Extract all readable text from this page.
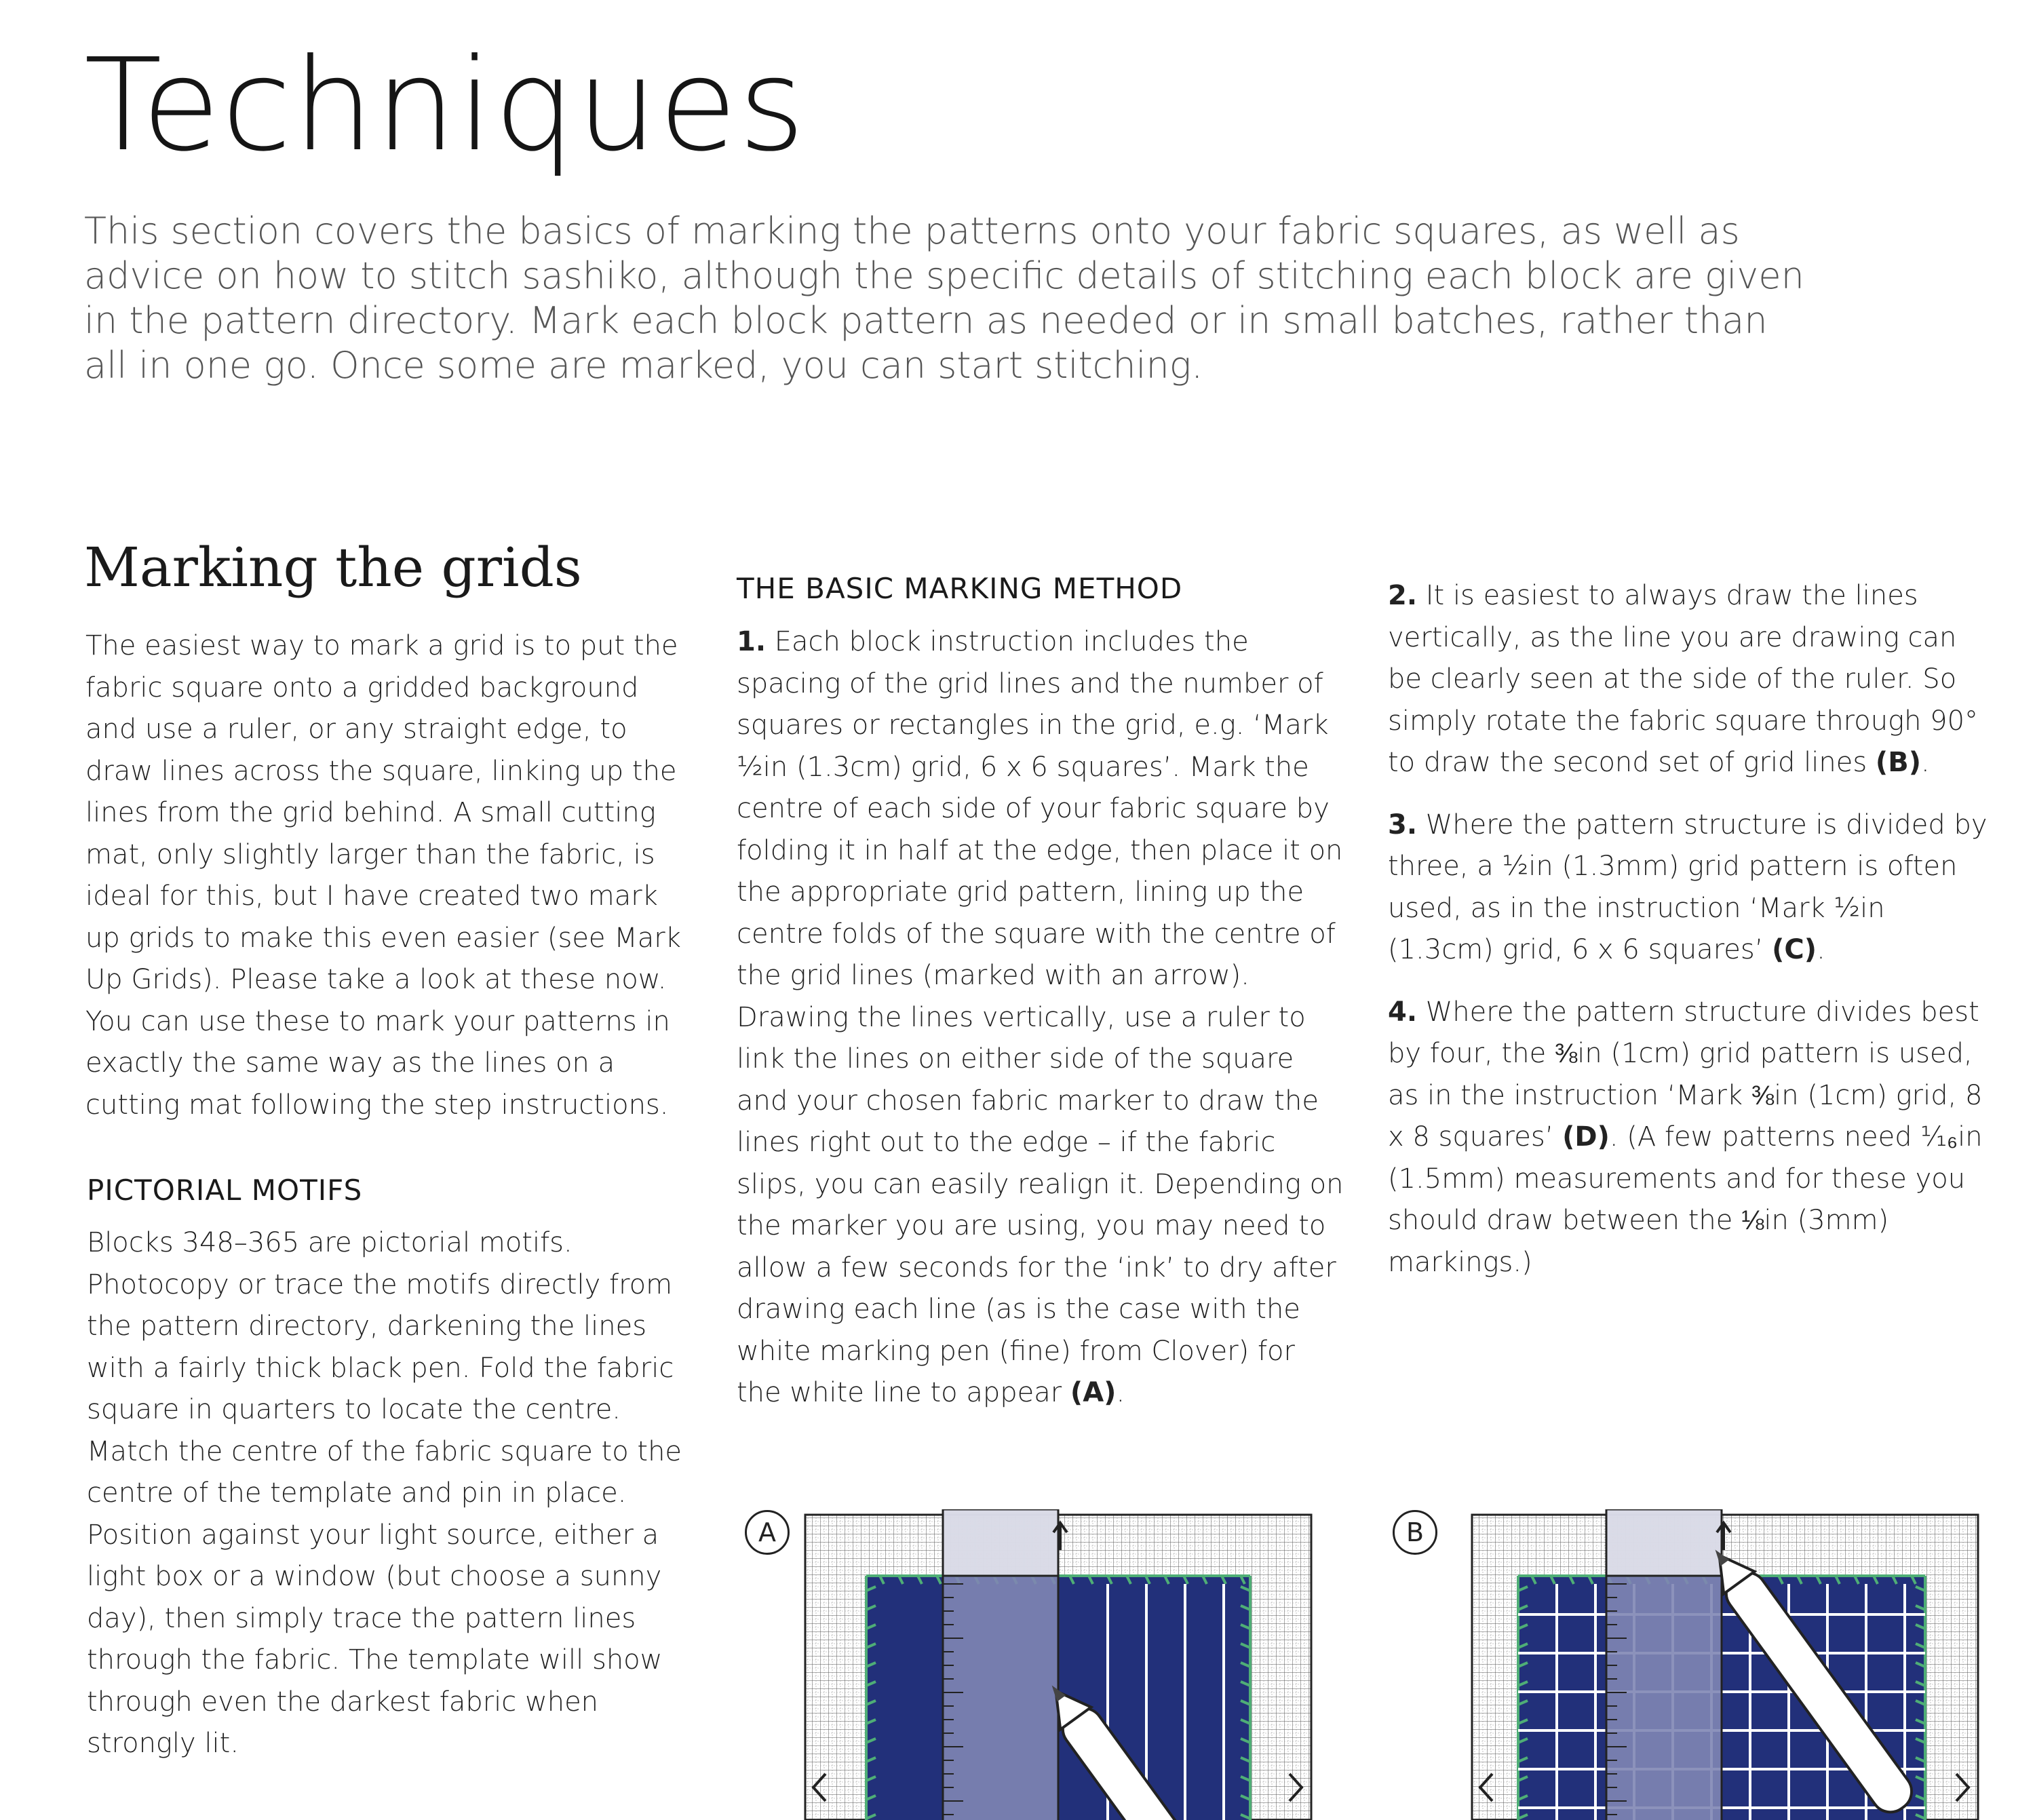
Techniques

This section covers the basics of marking the patterns onto your fabric squares, as well as advice on how to stitch sashiko, although the specific details of stitching each block are given in the pattern directory. Mark each block pattern as needed or in small batches, rather than all in one go. Once some are marked, you can start stitching.

Marking the grids

The easiest way to mark a grid is to put the fabric square onto a gridded background and use a ruler, or any straight edge, to draw lines across the square, linking up the lines from the grid behind. A small cutting mat, only slightly larger than the fabric, is ideal for this, but I have created two mark up grids to make this even easier (see Mark Up Grids). Please take a look at these now. You can use these to mark your patterns in exactly the same way as the lines on a cutting mat following the step instructions.

PICTORIAL MOTIFS

Blocks 348–365 are pictorial motifs. Photocopy or trace the motifs directly from the pattern directory, darkening the lines with a fairly thick black pen. Fold the fabric square in quarters to locate the centre. Match the centre of the fabric square to the centre of the template and pin in place. Position against your light source, either a light box or a window (but choose a sunny day), then simply trace the pattern lines through the fabric. The template will show through even the darkest fabric when strongly lit.

THE BASIC MARKING METHOD

1. Each block instruction includes the spacing of the grid lines and the number of squares or rectangles in the grid, e.g. ‘Mark ½in (1.3cm) grid, 6 x 6 squares’. Mark the centre of each side of your fabric square by folding it in half at the edge, then place it on the appropriate grid pattern, lining up the centre folds of the square with the centre of the grid lines (marked with an arrow). Drawing the lines vertically, use a ruler to link the lines on either side of the square and your chosen fabric marker to draw the lines right out to the edge – if the fabric slips, you can easily realign it. Depending on the marker you are using, you may need to allow a few seconds for the ‘ink’ to dry after drawing each line (as is the case with the white marking pen (fine) from Clover) for the white line to appear (A).

2. It is easiest to always draw the lines vertically, as the line you are drawing can be clearly seen at the side of the ruler. So simply rotate the fabric square through 90° to draw the second set of grid lines (B).

3. Where the pattern structure is divided by three, a ½in (1.3mm) grid pattern is often used, as in the instruction ‘Mark ½in (1.3cm) grid, 6 x 6 squares’ (C).

4. Where the pattern structure divides best by four, the ⅜in (1cm) grid pattern is used, as in the instruction ‘Mark ⅜in (1cm) grid, 8 x 8 squares’ (D). (A few patterns need ¹⁄₁₆in (1.5mm) measurements and for these you should draw between the ⅛in (3mm) markings.)

A	B
